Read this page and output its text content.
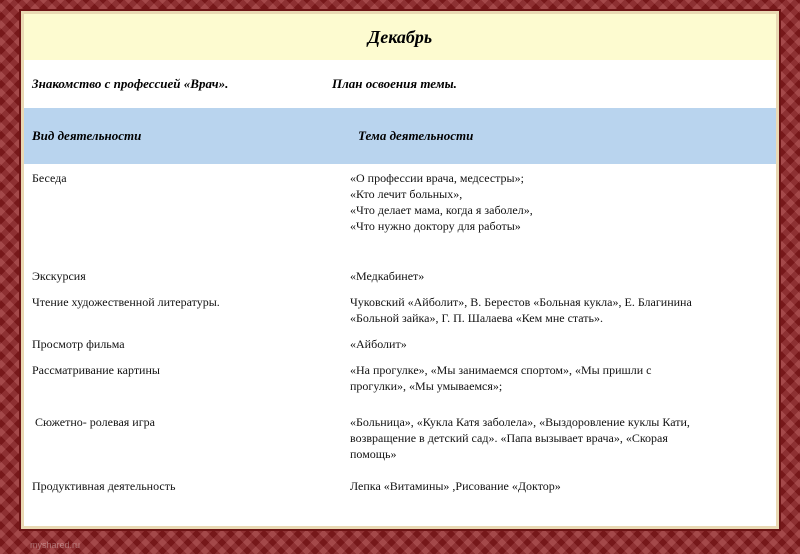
Декабрь
Знакомство с профессией «Врач».	План освоения темы.
Вид деятельности	Тема деятельности
Беседа	«О профессии врача, медсестры»;
«Кто лечит больных»,
«Что делает мама, когда я заболел»,
«Что нужно доктору для работы»
Экскурсия	«Медкабинет»
Чтение художественной литературы.	Чуковский «Айболит», В. Берестов «Больная кукла», Е. Благинина
«Больной зайка», Г. П. Шалаева «Кем мне стать».
Просмотр фильма	«Айболит»
Рассматривание картины	«На прогулке», «Мы занимаемся спортом», «Мы пришли с
прогулки», «Мы умываемся»;
Сюжетно- ролевая игра	«Больница», «Кукла Катя заболела», «Выздоровление куклы Кати,
возвращение в детский сад». «Папа вызывает врача», «Скорая
помощь»
Продуктивная деятельность	Лепка «Витамины» ,Рисование «Доктор»
myshared.ru
